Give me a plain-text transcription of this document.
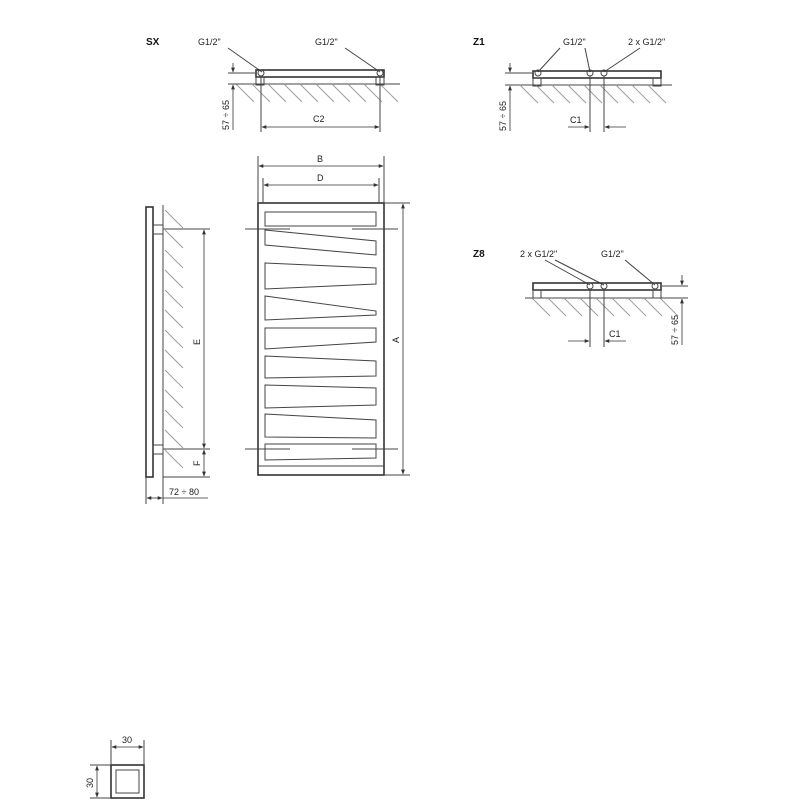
SX	G1/2"	G1/2"
57 ÷ 65	C2
Z1	G1/2"	2 x G1/2"
57 ÷ 65	C1
Z8	2 x G1/2"	G1/2"
C1	57 ÷ 65
E
F
72 ÷ 80
B
D
A
30
30
